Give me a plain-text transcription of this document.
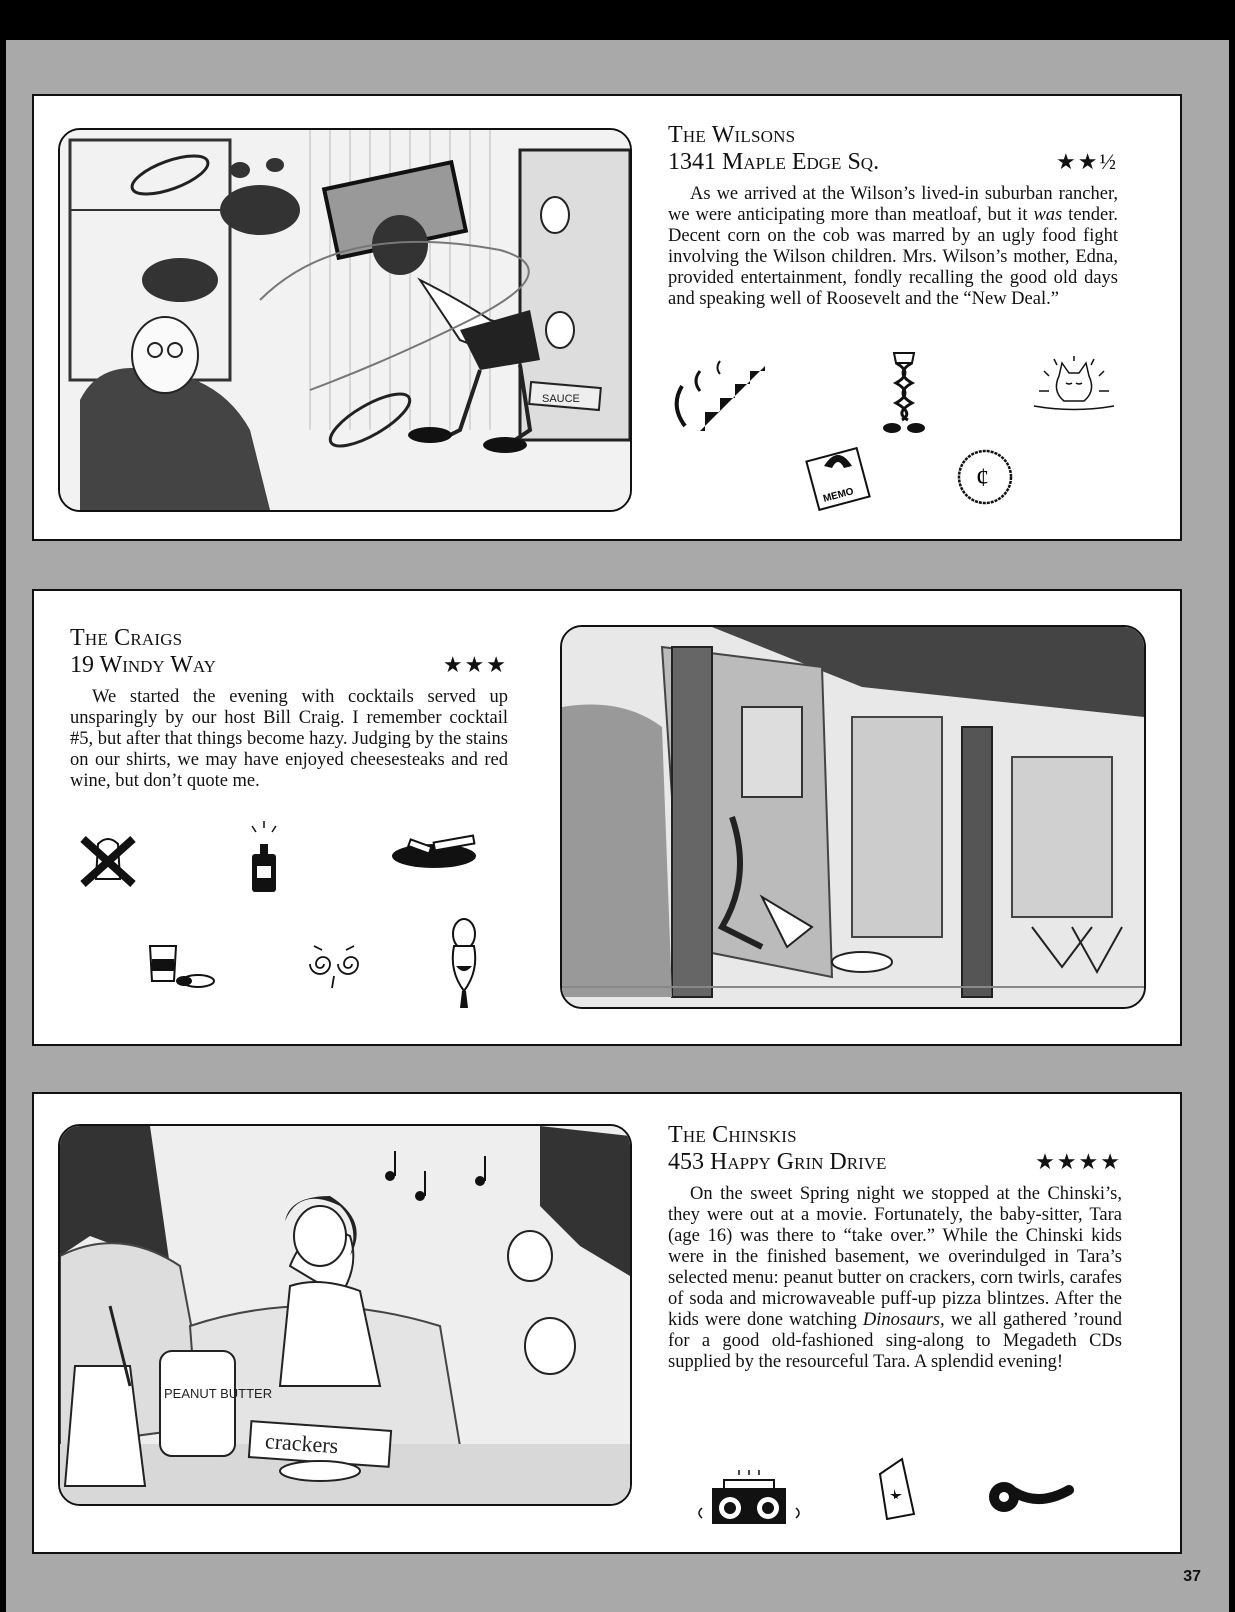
SAUCE

The Wilsons

1341 Maple Edge Sq.	★★½
As we arrived at the Wilson’s lived-in suburban rancher, we were anticipating more than meatloaf, but it was tender. Decent corn on the cob was marred by an ugly food fight involving the Wilson children. Mrs. Wilson’s mother, Edna, provided entertainment, fondly recalling the good old days and speaking well of Roosevelt and the “New Deal.”
MEMO
¢

The Craigs

19 Windy Way	★★★
We started the evening with cocktails served up unsparingly by our host Bill Craig. I remember cocktail #5, but after that things become hazy. Judging by the stains on our shirts, we may have enjoyed cheesesteaks and red wine, but don’t quote me.
PEANUT BUTTER
crackers

The Chinskis

453 Happy Grin Drive	★★★★
On the sweet Spring night we stopped at the Chinski’s, they were out at a movie. Fortunately, the baby-sitter, Tara (age 16) was there to “take over.” While the Chinski kids were in the finished basement, we overindulged in Tara’s selected menu: peanut butter on crackers, corn twirls, carafes of soda and microwaveable puff-up pizza blintzes. After the kids were done watching Dinosaurs, we all gathered ’round for a good old-fashioned sing-along to Megadeth CDs supplied by the resourceful Tara. A splendid evening!
37
